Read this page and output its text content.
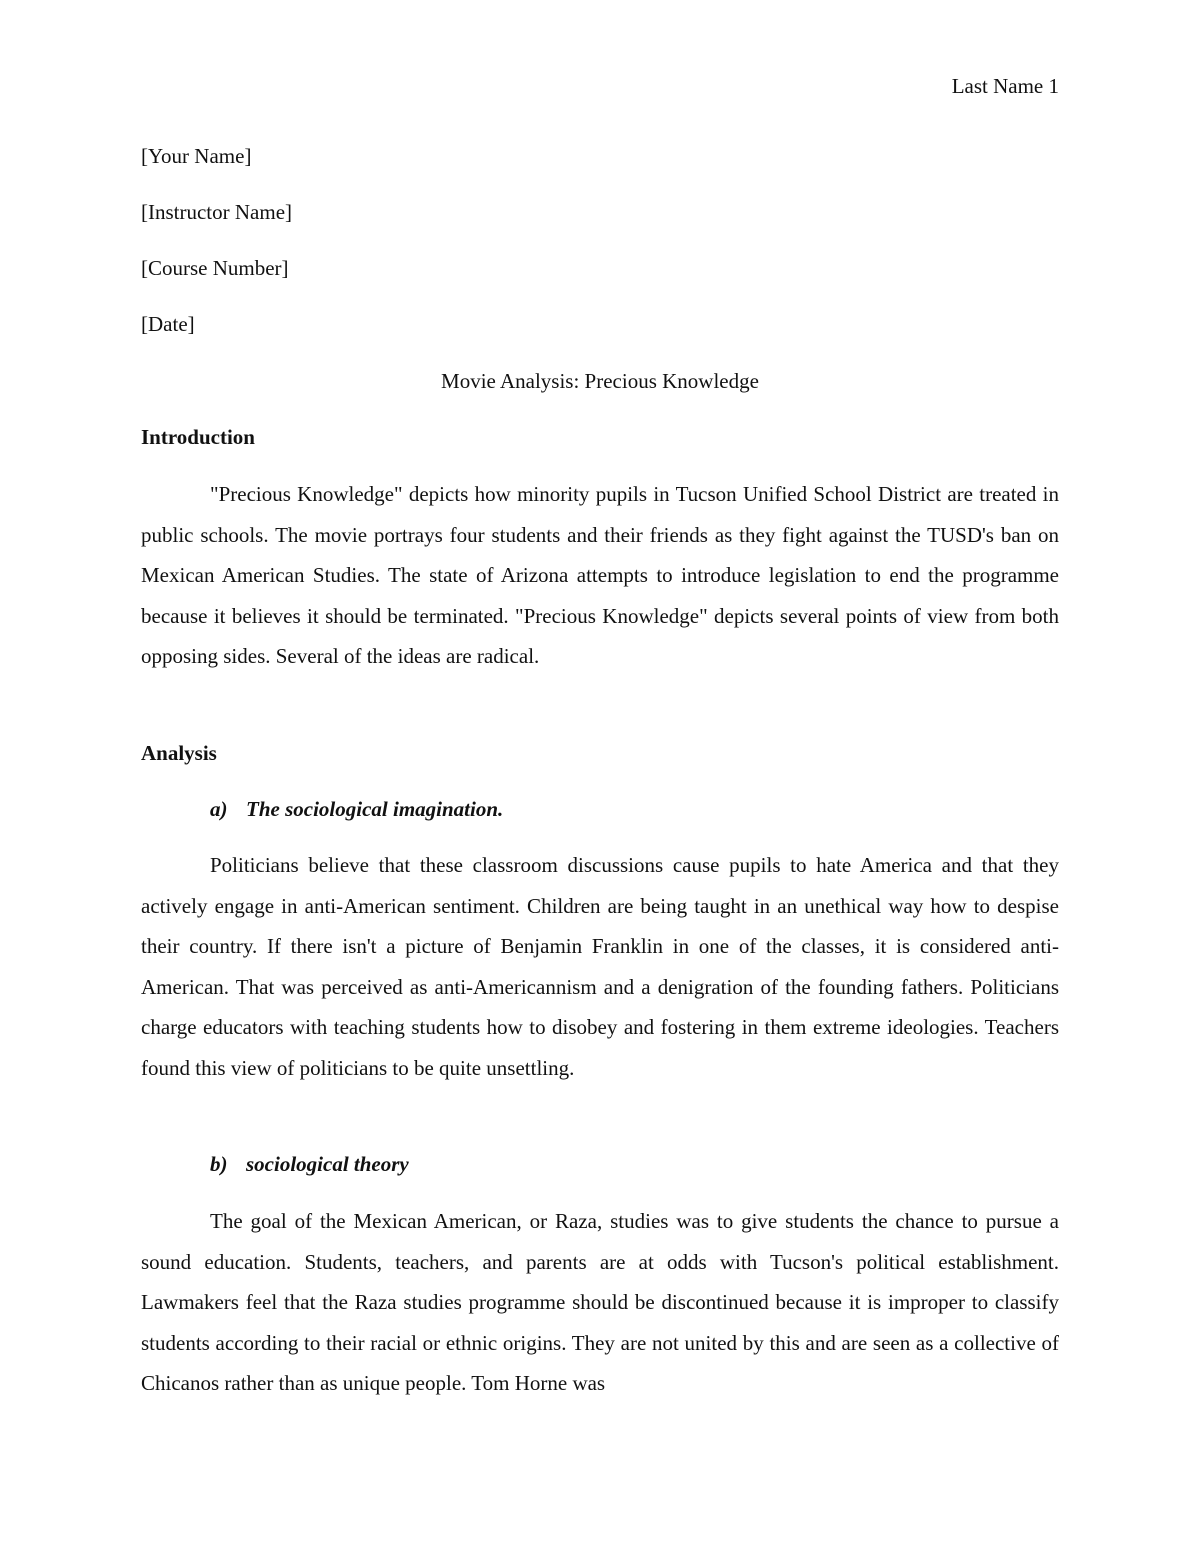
Last Name 1
[Your Name]
[Instructor Name]
[Course Number]
[Date]
Movie Analysis: Precious Knowledge
Introduction

"Precious Knowledge" depicts how minority pupils in Tucson Unified School District are treated in public schools. The movie portrays four students and their friends as they fight against the TUSD's ban on Mexican American Studies. The state of Arizona attempts to introduce legislation to end the programme because it believes it should be terminated. "Precious Knowledge" depicts several points of view from both opposing sides. Several of the ideas are radical.

Analysis
a) The sociological imagination.

Politicians believe that these classroom discussions cause pupils to hate America and that they actively engage in anti-American sentiment. Children are being taught in an unethical way how to despise their country. If there isn't a picture of Benjamin Franklin in one of the classes, it is considered anti-American. That was perceived as anti-Americannism and a denigration of the founding fathers. Politicians charge educators with teaching students how to disobey and fostering in them extreme ideologies. Teachers found this view of politicians to be quite unsettling.

b) sociological theory

The goal of the Mexican American, or Raza, studies was to give students the chance to pursue a sound education. Students, teachers, and parents are at odds with Tucson's political establishment. Lawmakers feel that the Raza studies programme should be discontinued because it is improper to classify students according to their racial or ethnic origins. They are not united by this and are seen as a collective of Chicanos rather than as unique people. Tom Horne was
